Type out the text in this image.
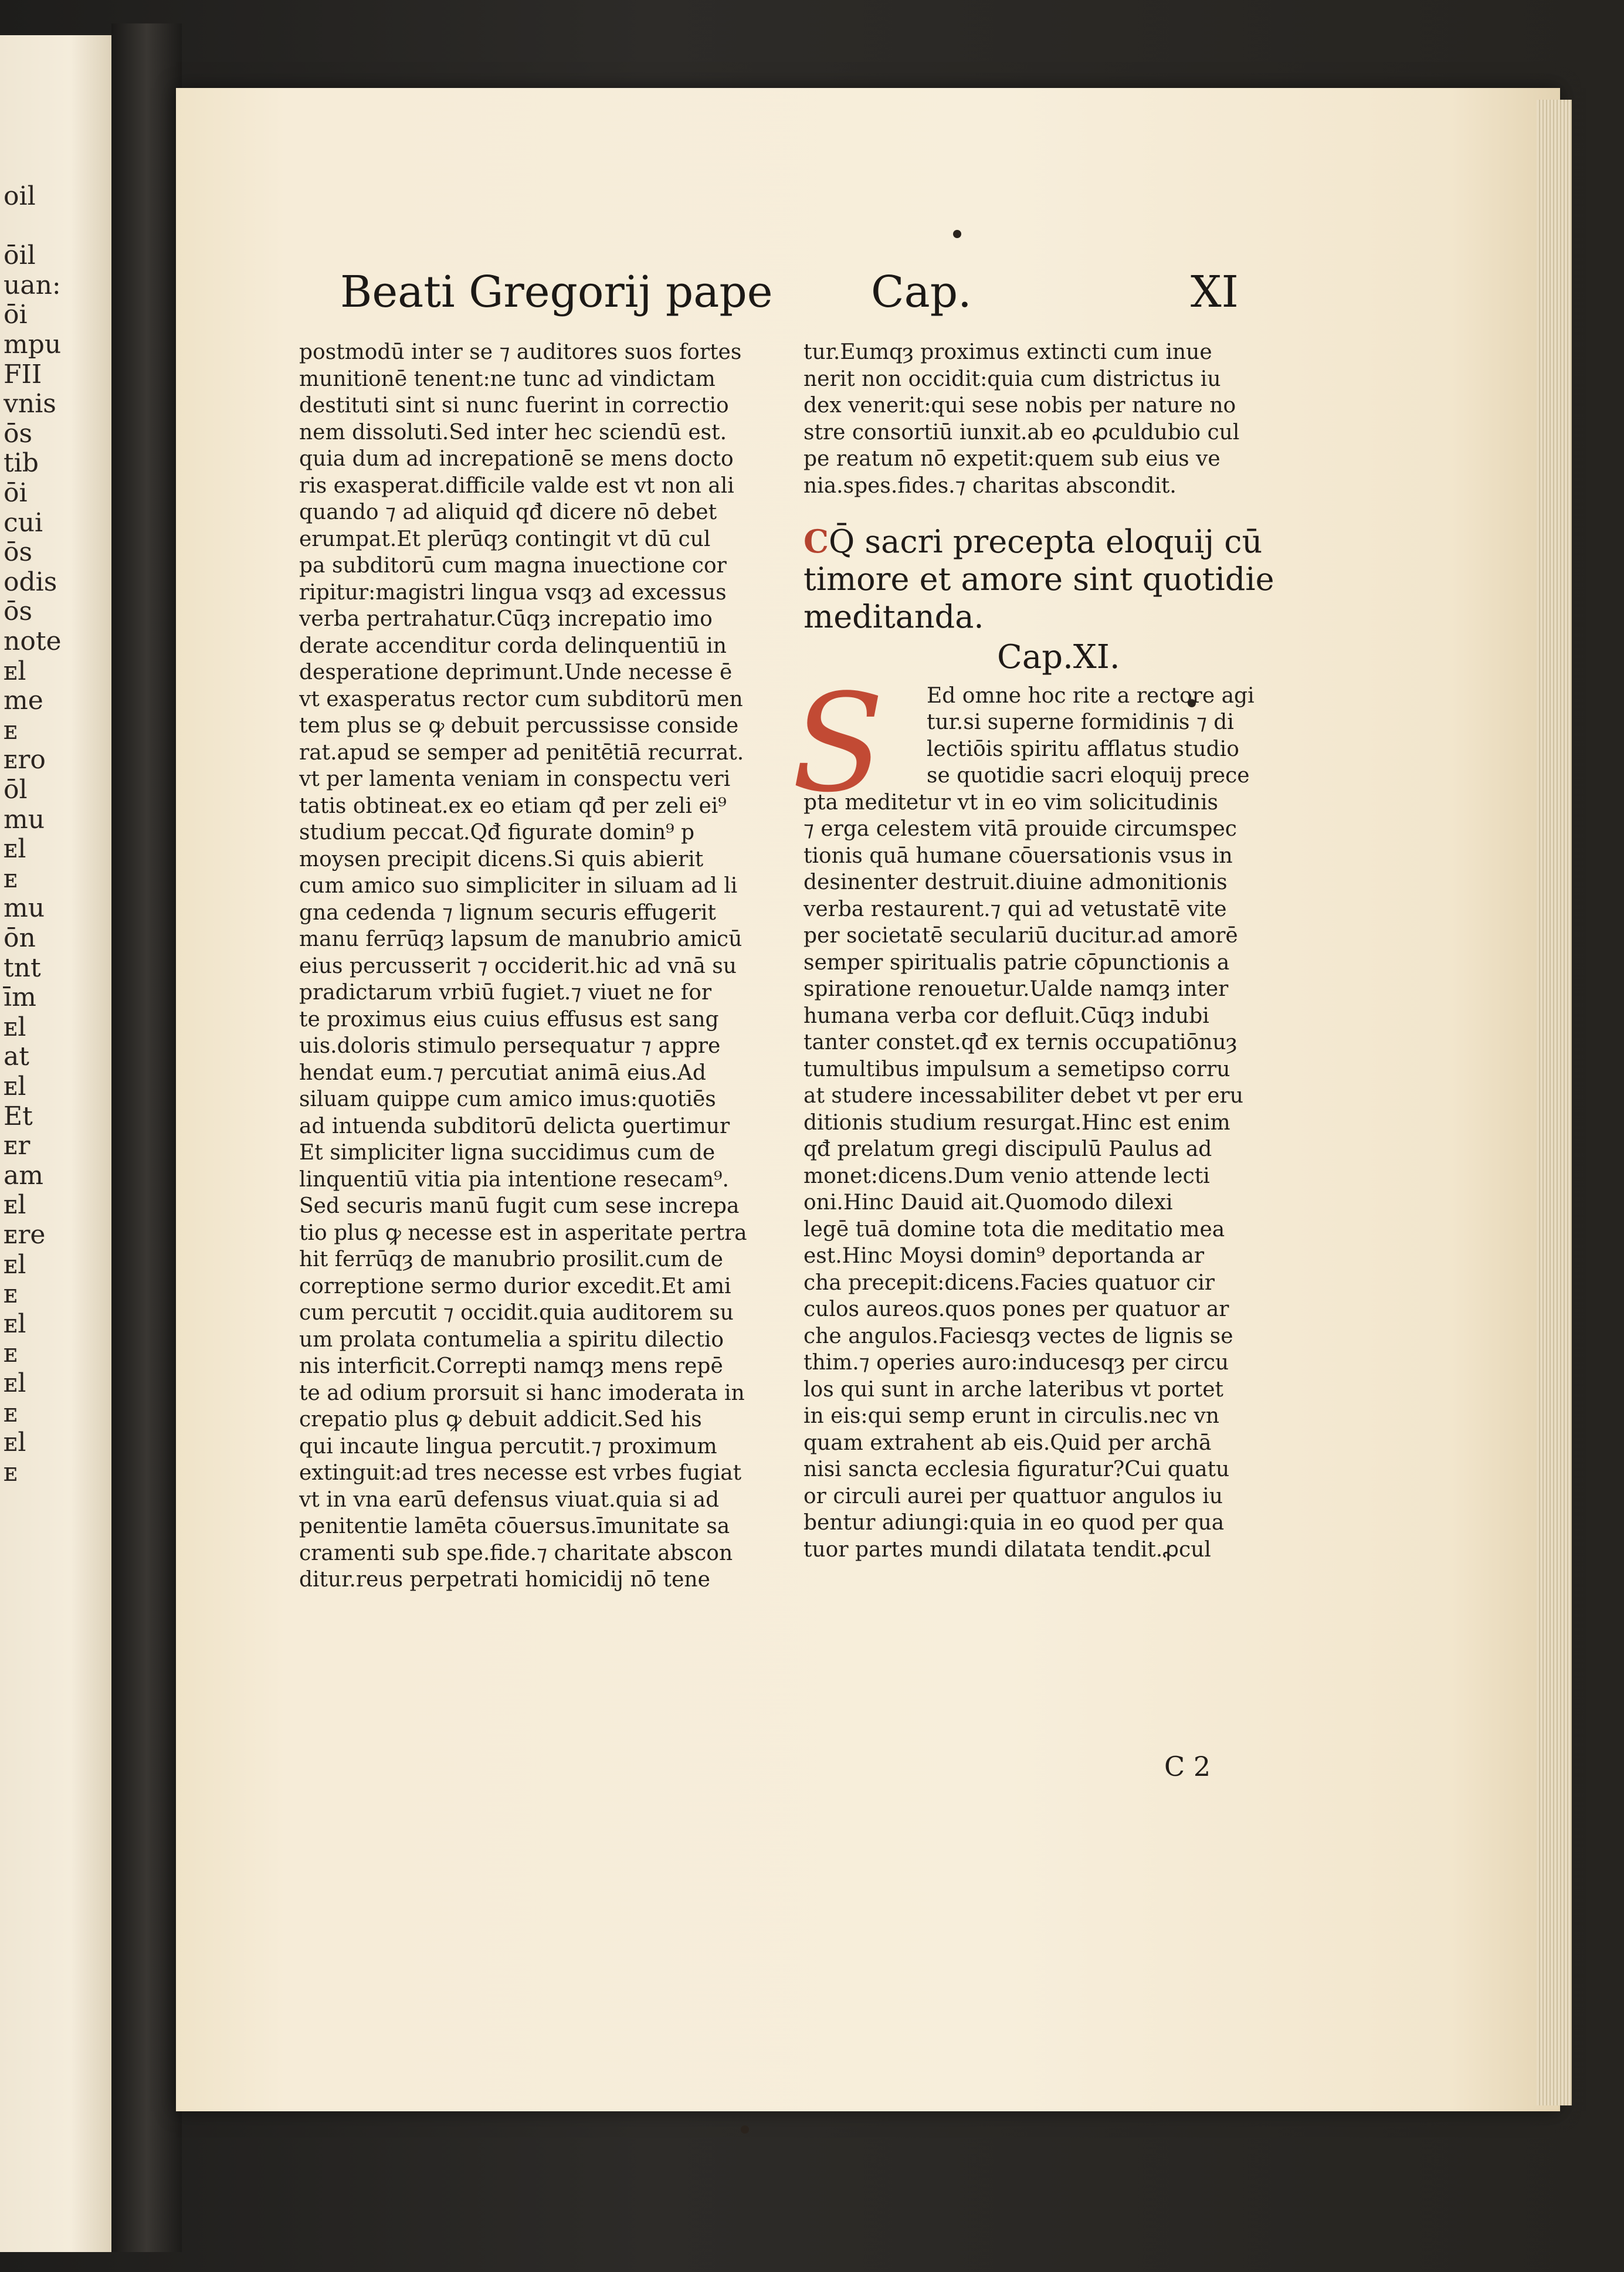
ᴏil
ōil
uan:
ōi
mpu
FII
vnis
ōs
tib
ōi
cui
ōs
odis
ōs
note
ᴇl
me
ᴇ
ᴇro
ōl
mu
ᴇl
ᴇ
mu
ōn
tnt
īm
ᴇl
at
ᴇl
Et
ᴇr
am
ᴇl
ᴇre
ᴇl
ᴇ
ᴇl
ᴇ
ᴇl
ᴇ
ᴇl
ᴇ
Beati Gregorij pape Cap.	XI
postmodū inter se ⁊ auditores suos fortes
munitionē tenent:ne tunc ad vindictam
destituti sint si nunc fuerint in correctio
nem dissoluti.Sed inter hec sciendū est.
quia dum ad increpationē se mens docto
ris exasperat.difficile valde est vt non ali
quando ⁊ ad aliquid qđ dicere nō debet
erumpat.Et plerūqȝ contingit vt dū cul
pa subditorū cum magna inuectione cor
ripitur:magistri lingua vsqȝ ad excessus
verba pertrahatur.Cūqȝ increpatio imo
derate accenditur corda delinquentiū in
desperatione deprimunt.Unde necesse ē
vt exasperatus rector cum subditorū men
tem plus se ꝙ debuit percussisse conside
rat.apud se semper ad penitētiā recurrat.
vt per lamenta veniam in conspectu veri
tatis obtineat.ex eo etiam qđ per zeli ei⁹
studium peccat.Qđ figurate domin⁹ p
moysen precipit dicens.Si quis abierit
cum amico suo simpliciter in siluam ad li
gna cedenda ⁊ lignum securis effugerit
manu ferrūqȝ lapsum de manubrio amicū
eius percusserit ⁊ occiderit.hic ad vnā su
pradictarum vrbiū fugiet.⁊ viuet ne for
te proximus eius cuius effusus est sang
uis.doloris stimulo persequatur ⁊ appre
hendat eum.⁊ percutiat animā eius.Ad
siluam quippe cum amico imus:quotiēs
ad intuenda subditorū delicta ꝯuertimur
Et simpliciter ligna succidimus cum de
linquentiū vitia pia intentione resecam⁹.
Sed securis manū fugit cum sese increpa
tio plus ꝙ necesse est in asperitate pertra
hit ferrūqȝ de manubrio prosilit.cum de
correptione sermo durior excedit.Et ami
cum percutit ⁊ occidit.quia auditorem su
um prolata contumelia a spiritu dilectio
nis interficit.Correpti namqȝ mens repē
te ad odium prorsuit si hanc imoderata in
crepatio plus ꝙ debuit addicit.Sed his
qui incaute lingua percutit.⁊ proximum
extinguit:ad tres necesse est vrbes fugiat
vt in vna earū defensus viuat.quia si ad
penitentie lamēta cōuersus.īmunitate sa
cramenti sub spe.fide.⁊ charitate abscon
ditur.reus perpetrati homicidij nō tene
tur.Eumqȝ proximus extincti cum inue
nerit non occidit:quia cum districtus iu
dex venerit:qui sese nobis per nature no
stre consortiū iunxit.ab eo ꝓculdubio cul
pe reatum nō expetit:quem sub eius ve
nia.spes.fides.⁊ charitas abscondit.
CQ̄ sacri precepta eloquij cū
timore et amore sint quotidie
meditanda.
Cap.XI.
S	Ed omne hoc rite a rectore agi
tur.si superne formidinis ⁊ di
lectiōis spiritu afflatus studio
se quotidie sacri eloquij prece
pta meditetur vt in eo vim solicitudinis
⁊ erga celestem vitā prouide circumspec
tionis quā humane cōuersationis vsus in
desinenter destruit.diuine admonitionis
verba restaurent.⁊ qui ad vetustatē vite
per societatē seculariū ducitur.ad amorē
semper spiritualis patrie cōpunctionis a
spiratione renouetur.Ualde namqȝ inter
humana verba cor defluit.Cūqȝ indubi
tanter constet.qđ ex ternis occupatiōnuȝ
tumultibus impulsum a semetipso corru
at studere incessabiliter debet vt per eru
ditionis studium resurgat.Hinc est enim
qđ prelatum gregi discipulū Paulus ad
monet:dicens.Dum venio attende lecti
oni.Hinc Dauid ait.Quomodo dilexi
legē tuā domine tota die meditatio mea
est.Hinc Moysi domin⁹ deportanda ar
cha precepit:dicens.Facies quatuor cir
culos aureos.quos pones per quatuor ar
che angulos.Faciesqȝ vectes de lignis se
thim.⁊ operies auro:inducesqȝ per circu
los qui sunt in arche lateribus vt portet
in eis:qui semp erunt in circulis.nec vn
quam extrahent ab eis.Quid per archā
nisi sancta ecclesia figuratur?Cui quatu
or circuli aurei per quattuor angulos iu
bentur adiungi:quia in eo quod per qua
tuor partes mundi dilatata tendit.ꝓcul
C 2
